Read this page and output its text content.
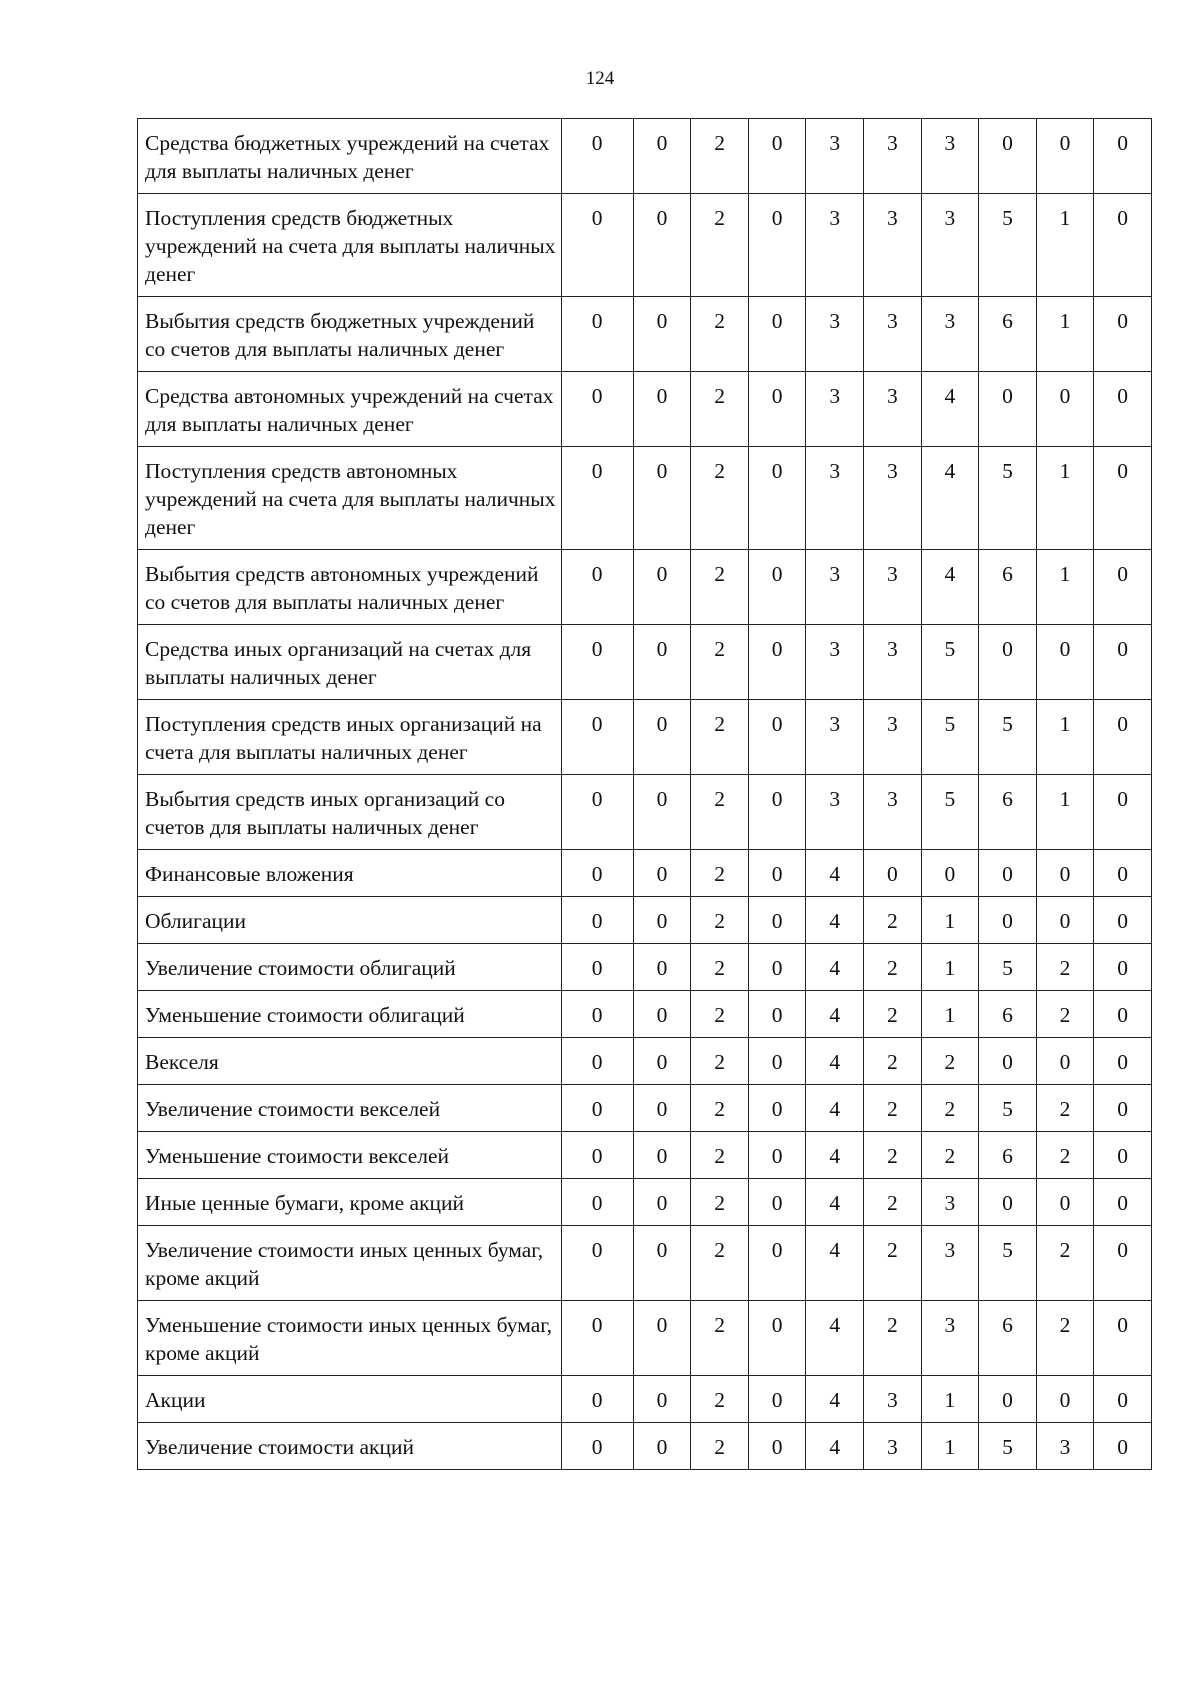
124
Средства бюджетных учреждений на счетах для выплаты наличных денег	0	0	2	0	3	3	3	0	0	0
Поступления средств бюджетных учреждений на счета для выплаты наличных денег	0	0	2	0	3	3	3	5	1	0
Выбытия средств бюджетных учреждений со счетов для выплаты наличных денег	0	0	2	0	3	3	3	6	1	0
Средства автономных учреждений на счетах для выплаты наличных денег	0	0	2	0	3	3	4	0	0	0
Поступления средств автономных учреждений на счета для выплаты наличных денег	0	0	2	0	3	3	4	5	1	0
Выбытия средств автономных учреждений со счетов для выплаты наличных денег	0	0	2	0	3	3	4	6	1	0
Средства иных организаций на счетах для выплаты наличных денег	0	0	2	0	3	3	5	0	0	0
Поступления средств иных организаций на счета для выплаты наличных денег	0	0	2	0	3	3	5	5	1	0
Выбытия средств иных организаций со счетов для выплаты наличных денег	0	0	2	0	3	3	5	6	1	0
Финансовые вложения	0	0	2	0	4	0	0	0	0	0
Облигации	0	0	2	0	4	2	1	0	0	0
Увеличение стоимости облигаций	0	0	2	0	4	2	1	5	2	0
Уменьшение стоимости облигаций	0	0	2	0	4	2	1	6	2	0
Векселя	0	0	2	0	4	2	2	0	0	0
Увеличение стоимости векселей	0	0	2	0	4	2	2	5	2	0
Уменьшение стоимости векселей	0	0	2	0	4	2	2	6	2	0
Иные ценные бумаги, кроме акций	0	0	2	0	4	2	3	0	0	0
Увеличение стоимости иных ценных бумаг, кроме акций	0	0	2	0	4	2	3	5	2	0
Уменьшение стоимости иных ценных бумаг, кроме акций	0	0	2	0	4	2	3	6	2	0
Акции	0	0	2	0	4	3	1	0	0	0
Увеличение стоимости акций	0	0	2	0	4	3	1	5	3	0
